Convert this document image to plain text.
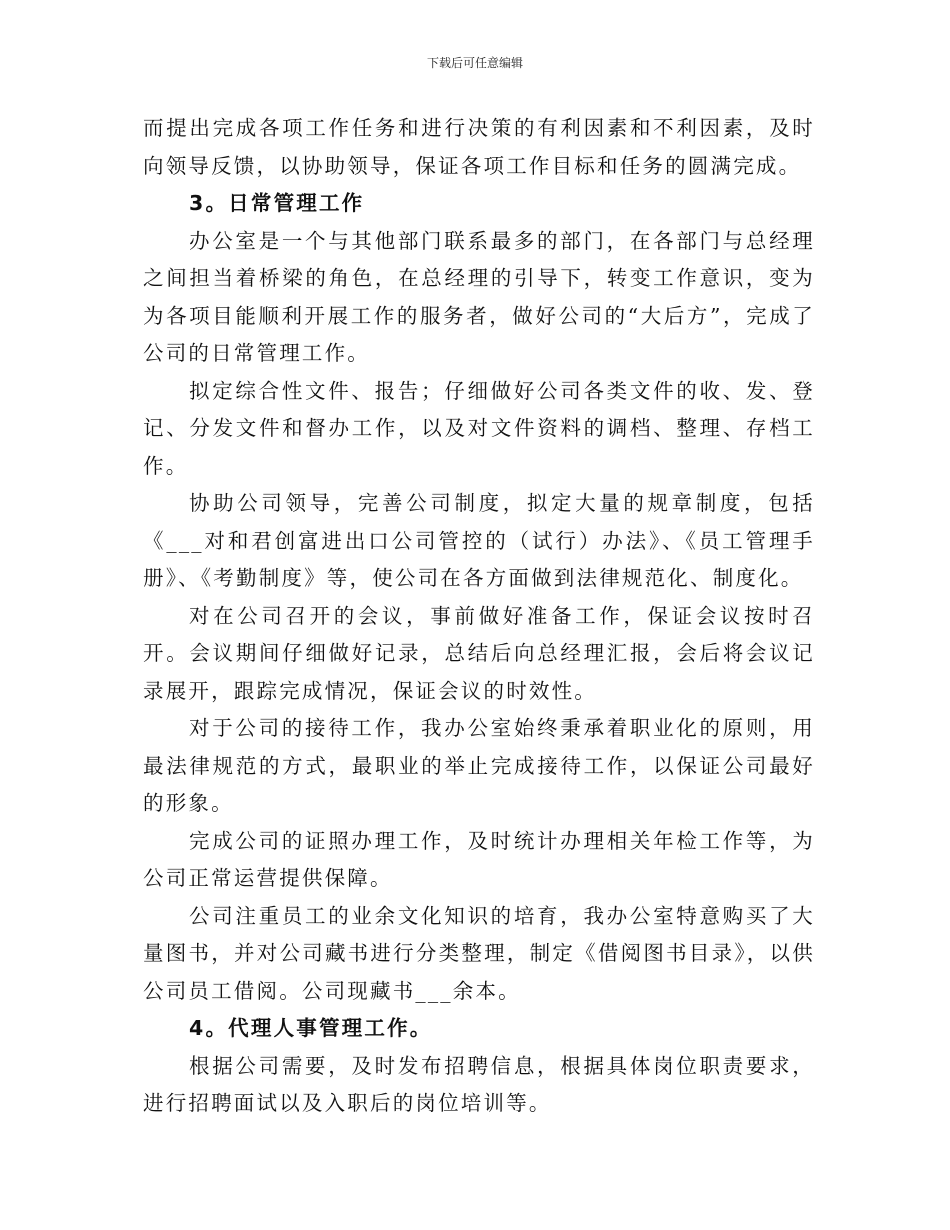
下载后可任意编辑

而提出完成各项工作任务和进行决策的有利因素和不利因素，及时向领导反馈，以协助领导，保证各项工作目标和任务的圆满完成。

3。日常管理工作

办公室是一个与其他部门联系最多的部门，在各部门与总经理之间担当着桥梁的角色，在总经理的引导下，转变工作意识，变为为各项目能顺利开展工作的服务者，做好公司的“大后方”，完成了公司的日常管理工作。

拟定综合性文件、报告；仔细做好公司各类文件的收、发、登记、分发文件和督办工作，以及对文件资料的调档、整理、存档工作。

协助公司领导，完善公司制度，拟定大量的规章制度，包括《___对和君创富进出口公司管控的（试行）办法》、《员工管理手册》、《考勤制度》等，使公司在各方面做到法律规范化、制度化。

对在公司召开的会议，事前做好准备工作，保证会议按时召开。会议期间仔细做好记录，总结后向总经理汇报，会后将会议记录展开，跟踪完成情况，保证会议的时效性。

对于公司的接待工作，我办公室始终秉承着职业化的原则，用最法律规范的方式，最职业的举止完成接待工作，以保证公司最好的形象。

完成公司的证照办理工作，及时统计办理相关年检工作等，为公司正常运营提供保障。

公司注重员工的业余文化知识的培育，我办公室特意购买了大量图书，并对公司藏书进行分类整理，制定《借阅图书目录》，以供公司员工借阅。公司现藏书___余本。

4。代理人事管理工作。

根据公司需要，及时发布招聘信息，根据具体岗位职责要求，进行招聘面试以及入职后的岗位培训等。
